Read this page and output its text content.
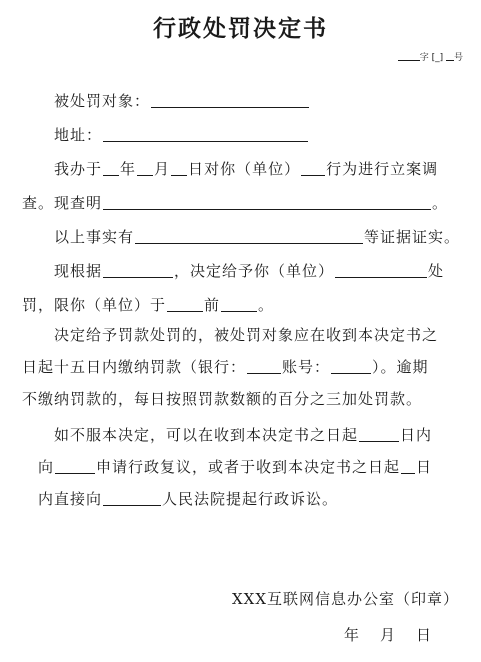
行政处罚决定书
字 [_] 号
被处罚对象：
地址：
我办于 年 月 日对你（单位） 行为进行立案调
查。现查明	。
以上事实有	等证据证实。
现根据	，决定给予你（单位）	处
罚，限你（单位）于	前	。
决定给予罚款处罚的，被处罚对象应在收到本决定书之
日起十五日内缴纳罚款（银行： 账号：	）。逾期
不缴纳罚款的，每日按照罚款数额的百分之三加处罚款。
如不服本决定，可以在收到本决定书之日起	日内
向	申请行政复议，或者于收到本决定书之日起 日
内直接向	人民法院提起行政诉讼。
XXX互联网信息办公室（印章）
年 月 日
